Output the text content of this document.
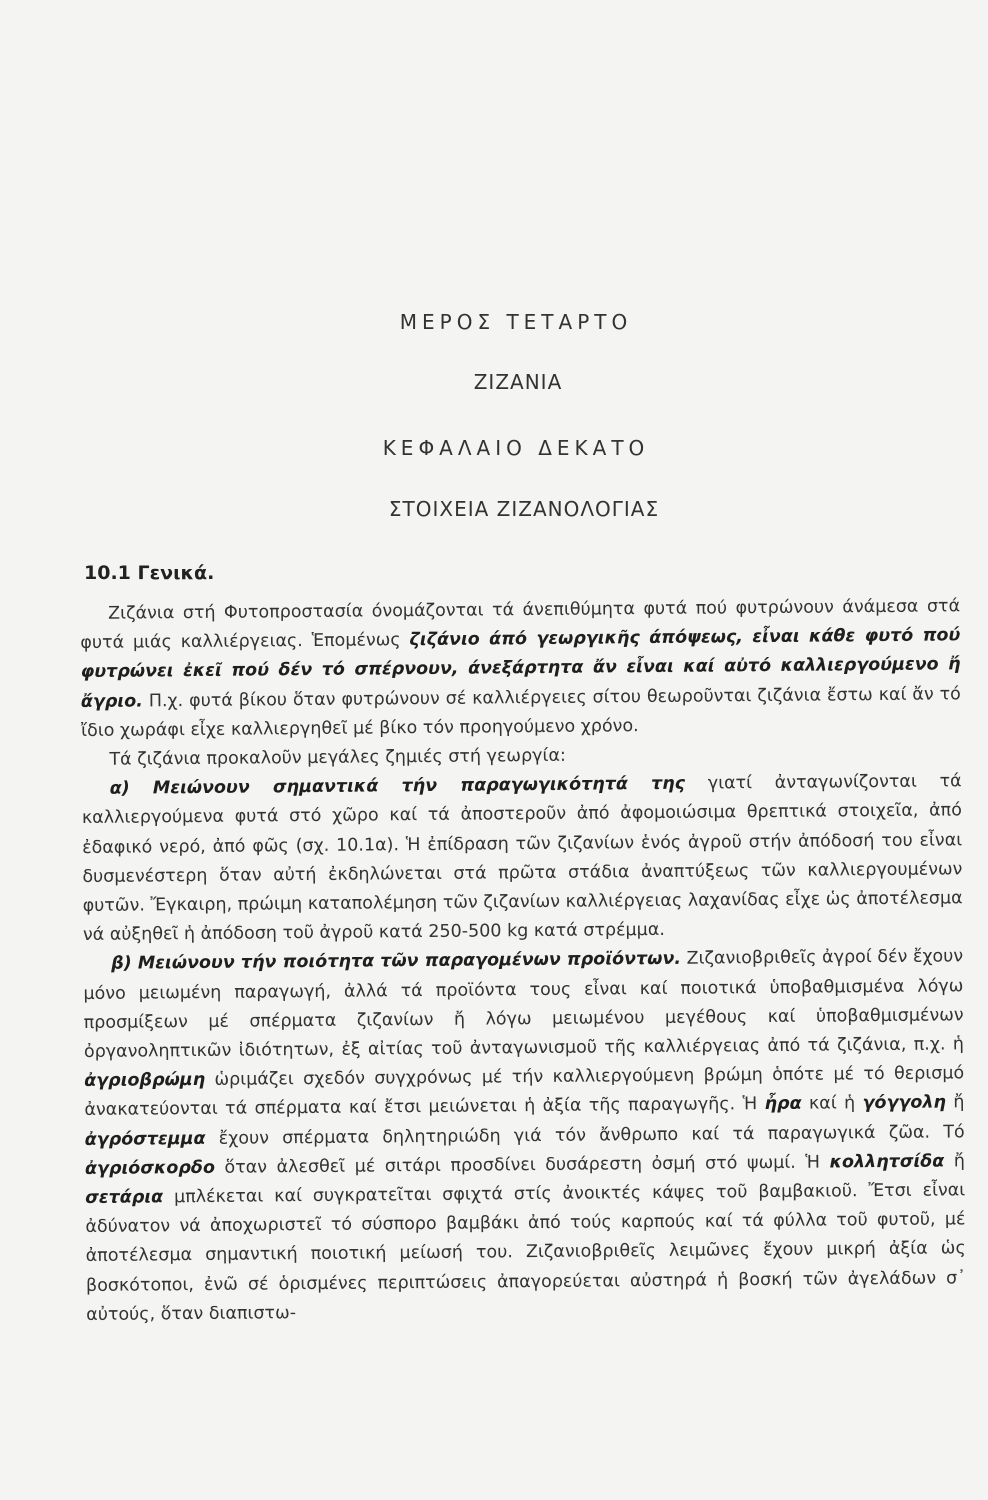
ΜΕΡΟΣ ΤΕΤΑΡΤΟ
ΖΙΖΑΝΙΑ
ΚΕΦΑΛΑΙΟ ΔΕΚΑΤΟ
ΣΤΟΙΧΕΙΑ ΖΙΖΑΝΟΛΟΓΙΑΣ
10.1 Γενικά.

Ζιζάνια στή Φυτοπροστασία όνομάζονται τά άνεπιθύμητα φυτά πού φυτρώνουν άνάμεσα στά φυτά μιάς καλλιέργειας. Ἑπομένως ζιζάνιο άπό γεωργικῆς άπόψεως, εἶναι κάθε φυτό πού φυτρώνει ἐκεῖ πού δέν τό σπέρνουν, άνεξάρτητα ἄν εἶναι καί αὐτό καλλιεργούμενο ἤ ἄγριο. Π.χ. φυτά βίκου ὅταν φυτρώνουν σέ καλλιέργειες σίτου θεωροῦνται ζιζάνια ἔστω καί ἄν τό ἴδιο χωράφι εἶχε καλλιεργηθεῖ μέ βίκο τόν προηγούμενο χρόνο.

Τά ζιζάνια προκαλοῦν μεγάλες ζημιές στή γεωργία:

α) Μειώνουν σημαντικά τήν παραγωγικότητά της γιατί ἀνταγωνίζονται τά καλλιεργούμενα φυτά στό χῶρο καί τά ἀποστεροῦν ἀπό ἀφομοιώσιμα θρεπτικά στοιχεῖα, ἀπό ἐδαφικό νερό, ἀπό φῶς (σχ. 10.1α). Ἡ ἐπίδραση τῶν ζιζανίων ἑνός ἀγροῦ στήν ἀπόδοσή του εἶναι δυσμενέστερη ὅταν αὐτή ἐκδηλώνεται στά πρῶτα στάδια ἀναπτύξεως τῶν καλλιεργουμένων φυτῶν. Ἔγκαιρη, πρώιμη καταπολέμηση τῶν ζιζανίων καλλιέργειας λαχανίδας εἶχε ὡς ἀποτέλεσμα νά αὐξηθεῖ ἡ ἀπόδοση τοῦ ἀγροῦ κατά 250-500 kg κατά στρέμμα.

β) Μειώνουν τήν ποιότητα τῶν παραγομένων προϊόντων. Ζιζανιοβριθεῖς ἀγροί δέν ἔχουν μόνο μειωμένη παραγωγή, ἀλλά τά προϊόντα τους εἶναι καί ποιοτικά ὑποβαθμισμένα λόγω προσμίξεων μέ σπέρματα ζιζανίων ἤ λόγω μειωμένου μεγέθους καί ὑποβαθμισμένων ὀργανοληπτικῶν ἰδιότητων, ἐξ αἰτίας τοῦ ἀνταγωνισμοῦ τῆς καλλιέργειας ἀπό τά ζιζάνια, π.χ. ἡ ἀγριοβρώμη ὡριμάζει σχεδόν συγχρόνως μέ τήν καλλιεργούμενη βρώμη ὁπότε μέ τό θερισμό ἀνακατεύονται τά σπέρματα καί ἔτσι μειώνεται ἡ ἀξία τῆς παραγωγῆς. Ἡ ἦρα καί ἡ γόγγολη ἤ ἀγρόστεμμα ἔχουν σπέρματα δηλητηριώδη γιά τόν ἄνθρωπο καί τά παραγωγικά ζῶα. Τό ἀγριόσκορδο ὅταν ἀλεσθεῖ μέ σιτάρι προσδίνει δυσάρεστη ὀσμή στό ψωμί. Ἡ κολλητσίδα ἤ σετάρια μπλέκεται καί συγκρατεῖται σφιχτά στίς ἀνοικτές κάψες τοῦ βαμβακιοῦ. Ἔτσι εἶναι ἀδύνατον νά ἀποχωριστεῖ τό σύσπορο βαμβάκι ἀπό τούς καρπούς καί τά φύλλα τοῦ φυτοῦ, μέ ἀποτέλεσμα σημαντική ποιοτική μείωσή του. Ζιζανιοβριθεῖς λειμῶνες ἔχουν μικρή ἀξία ὡς βοσκότοποι, ἐνῶ σέ ὁρισμένες περιπτώσεις ἀπαγορεύεται αὐστηρά ἡ βοσκή τῶν ἀγελάδων σ᾽ αὐτούς, ὅταν διαπιστω-
